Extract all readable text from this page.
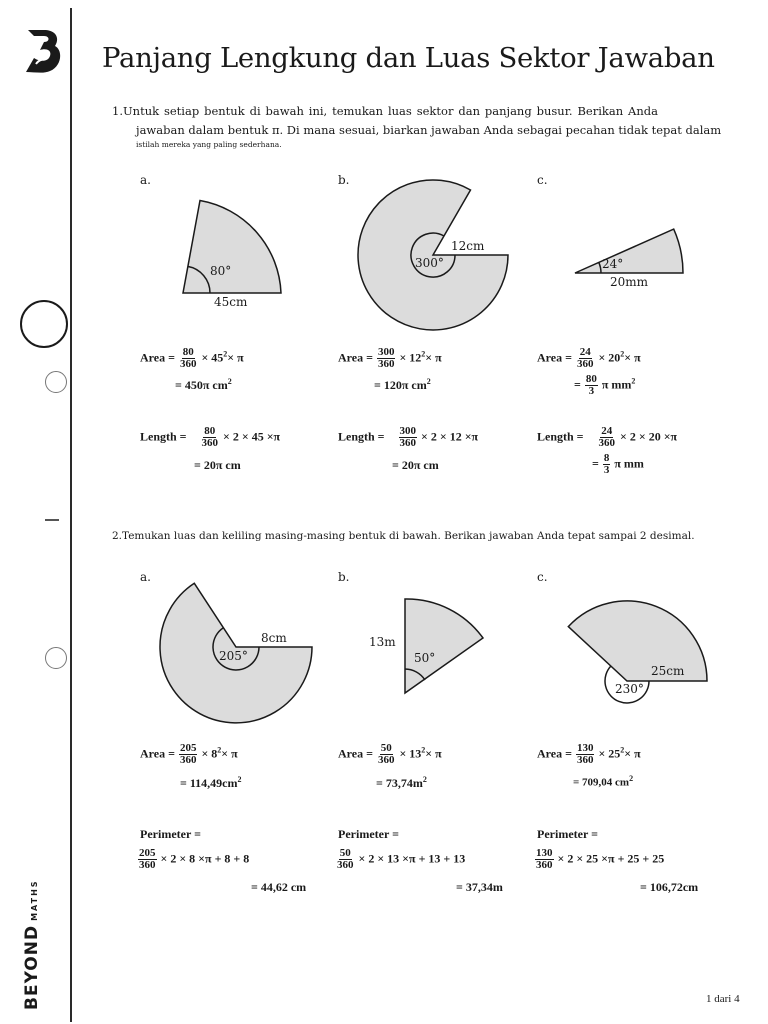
BEYONDMATHS
Panjang Lengkung dan Luas Sektor Jawaban
1.Untuk setiap bentuk di bawah ini, temukan luas sektor dan panjang busur. Berikan Anda
jawaban dalam bentuk π. Di mana sesuai, biarkan jawaban Anda sebagai pecahan tidak tepat dalam
istilah mereka yang paling sederhana.
a.	b.	c.
80°
45cm
300°
12cm
24°
20mm
Area = $\frac{80}{360} \times 45^2\times \pi$
= 450π $cm^2$
Area = $\frac{300}{360} \times 12^2\times \pi$
= 120π $cm^2$
Area = $\frac{24}{360} \times 20^2\times \pi$
= $\frac{80}{3}$ π $mm^2$
Length = $\frac{80}{360} \times 2 \times 45 \times\pi$
= 20π cm
Length = $\frac{300}{360} \times 2 \times 12 \times\pi$
= 20π cm
Length = $\frac{24}{360} \times 2 \times 20 \times\pi$
= $\frac{8}{3}$ π mm
2.Temukan luas dan keliling masing-masing bentuk di bawah. Berikan jawaban Anda tepat sampai 2 desimal.
a.	b.	c.
205°
8cm	13m
50°
230°
25cm
Area = $\frac{205}{360} \times 8^2\times \pi$
= $114,49cm^2$
Area = $\frac{50}{360} \times 13^2\times \pi$
= $73,74m^2$
Area = $\frac{130}{360} \times 25^2\times \pi$
= 709,04 $cm^2$
Perimeter =
$\frac{205}{360} \times 2 \times 8 \times\pi + 8 + 8$
= 44,62 cm
Perimeter =
$\frac{50}{360} \times 2 \times 13 \times\pi + 13 + 13$
= 37,34m
Perimeter =
$\frac{130}{360} \times 2 \times 25 \times\pi + 25 + 25$
= 106,72cm
1 dari 4
